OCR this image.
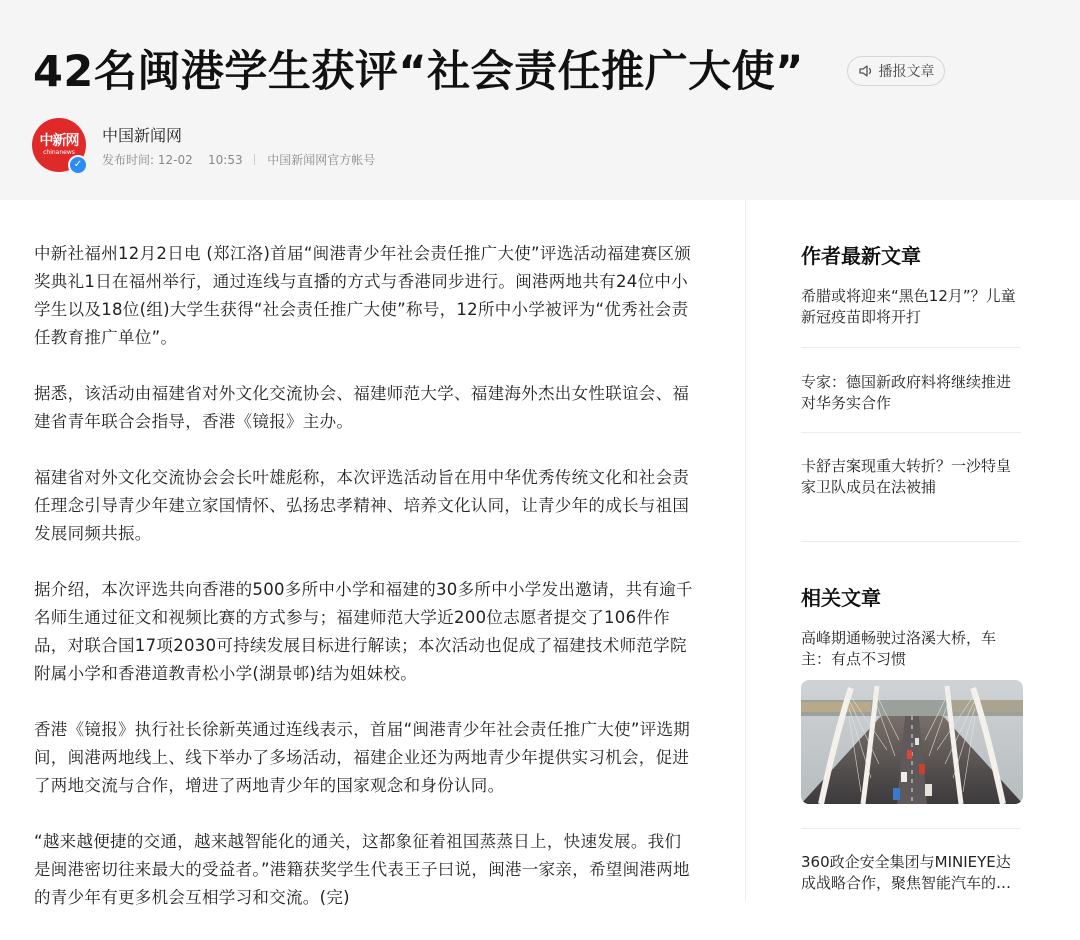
42名闽港学生获评“社会责任推广大使”	播报文章
中新网
chinanews
✓
中国新闻网
发布时间: 12-02 10:53 中国新闻网官方帐号

中新社福州12月2日电 (郑江洛)首届“闽港青少年社会责任推广大使”评选活动福建赛区颁奖典礼1日在福州举行，通过连线与直播的方式与香港同步进行。闽港两地共有24位中小学生以及18位(组)大学生获得“社会责任推广大使”称号，12所中小学被评为“优秀社会责任教育推广单位”。

据悉，该活动由福建省对外文化交流协会、福建师范大学、福建海外杰出女性联谊会、福建省青年联合会指导，香港《镜报》主办。

福建省对外文化交流协会会长叶雄彪称，本次评选活动旨在用中华优秀传统文化和社会责任理念引导青少年建立家国情怀、弘扬忠孝精神、培养文化认同，让青少年的成长与祖国发展同频共振。

据介绍，本次评选共向香港的500多所中小学和福建的30多所中小学发出邀请，共有逾千名师生通过征文和视频比赛的方式参与；福建师范大学近200位志愿者提交了106件作品，对联合国17项2030可持续发展目标进行解读；本次活动也促成了福建技术师范学院附属小学和香港道教青松小学(湖景邨)结为姐妹校。

香港《镜报》执行社长徐新英通过连线表示，首届“闽港青少年社会责任推广大使”评选期间，闽港两地线上、线下举办了多场活动，福建企业还为两地青少年提供实习机会，促进了两地交流与合作，增进了两地青少年的国家观念和身份认同。

“越来越便捷的交通，越来越智能化的通关，这都象征着祖国蒸蒸日上，快速发展。我们是闽港密切往来最大的受益者。”港籍获奖学生代表王子曰说，闽港一家亲，希望闽港两地的青少年有更多机会互相学习和交流。(完)

作者最新文章
希腊或将迎来“黑色12月”？儿童新冠疫苗即将开打
专家：德国新政府料将继续推进对华务实合作
卡舒吉案现重大转折？一沙特皇家卫队成员在法被捕
相关文章
高峰期通畅驶过洛溪大桥，车主：有点不习惯
360政企安全集团与MINIEYE达成战略合作，聚焦智能汽车的…
